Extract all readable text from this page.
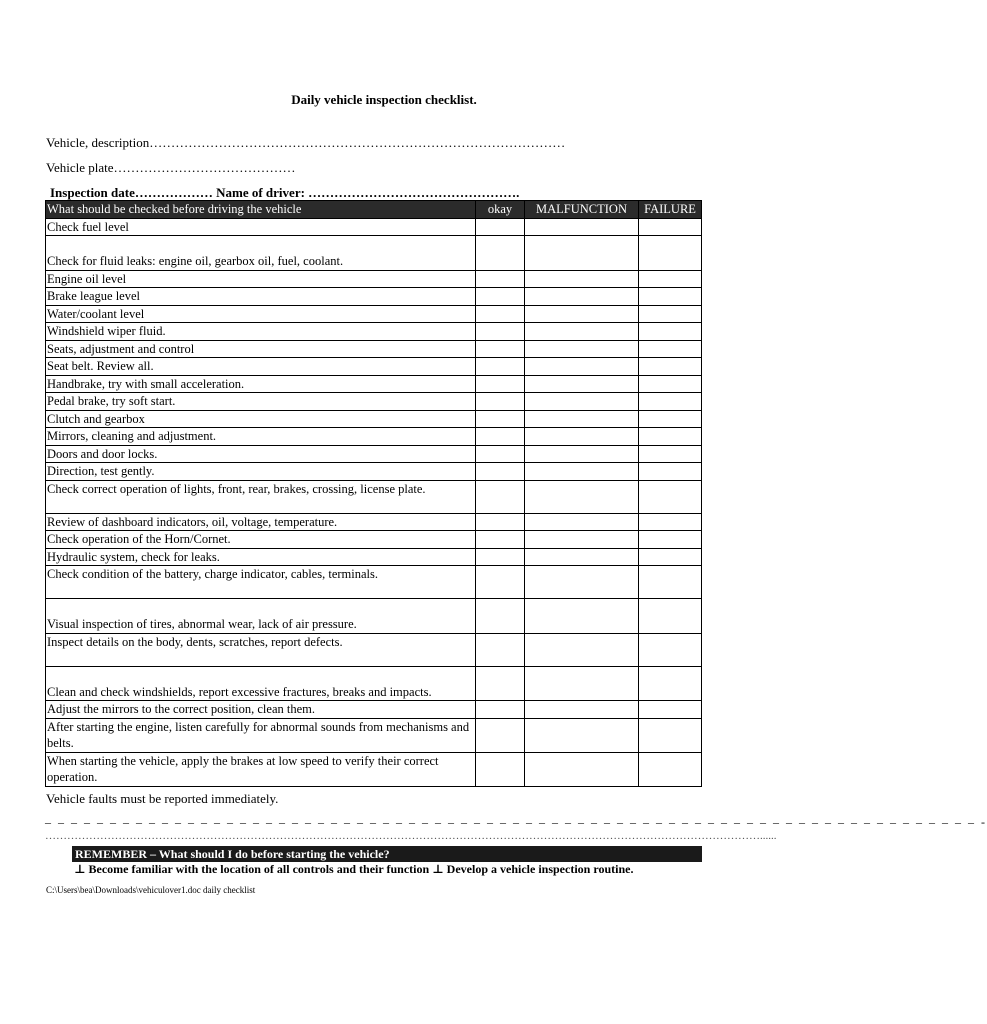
Daily vehicle inspection checklist.
Vehicle, description……………………………………………………………………………………
Vehicle plate……………………………………
Inspection date……………… Name of driver: ………………………………………….
What should be checked before driving the vehicle	okay	MALFUNCTION	FAILURE
Check fuel level			
Check for fluid leaks: engine oil, gearbox oil, fuel, coolant.			
Engine oil level			
Brake league level			
Water/coolant level			
Windshield wiper fluid.			
Seats, adjustment and control			
Seat belt. Review all.			
Handbrake, try with small acceleration.			
Pedal brake, try soft start.			
Clutch and gearbox			
Mirrors, cleaning and adjustment.			
Doors and door locks.			
Direction, test gently.			
Check correct operation of lights, front, rear, brakes, crossing, license plate.			
Review of dashboard indicators, oil, voltage, temperature.			
Check operation of the Horn/Cornet.			
Hydraulic system, check for leaks.			
Check condition of the battery, charge indicator, cables, terminals.			
Visual inspection of tires, abnormal wear, lack of air pressure.			
Inspect details on the body, dents, scratches, report defects.			
Clean and check windshields, report excessive fractures, breaks and impacts.			
Adjust the mirrors to the correct position, clean them.			
After starting the engine, listen carefully for abnormal sounds from mechanisms and belts.			
When starting the vehicle, apply the brakes at low speed to verify their correct operation.			
Vehicle faults must be reported immediately.
– – – – – – – – – – – – – – – – – – – – – – – – – – – – – – – – – – – – – – – – – – – – – – – – – – – – – – – – – – – – – – – – – – – – – – – – -
……………………………………………………………………………………………………………………………………………………………………………......
REMEMBER – What should I do before starting the vehicle?
⊥ Become familiar with the location of all controls and their function ⊥ Develop a vehicle inspection routine.
C:\Users\bea\Downloads\vehiculover1.doc daily checklist
